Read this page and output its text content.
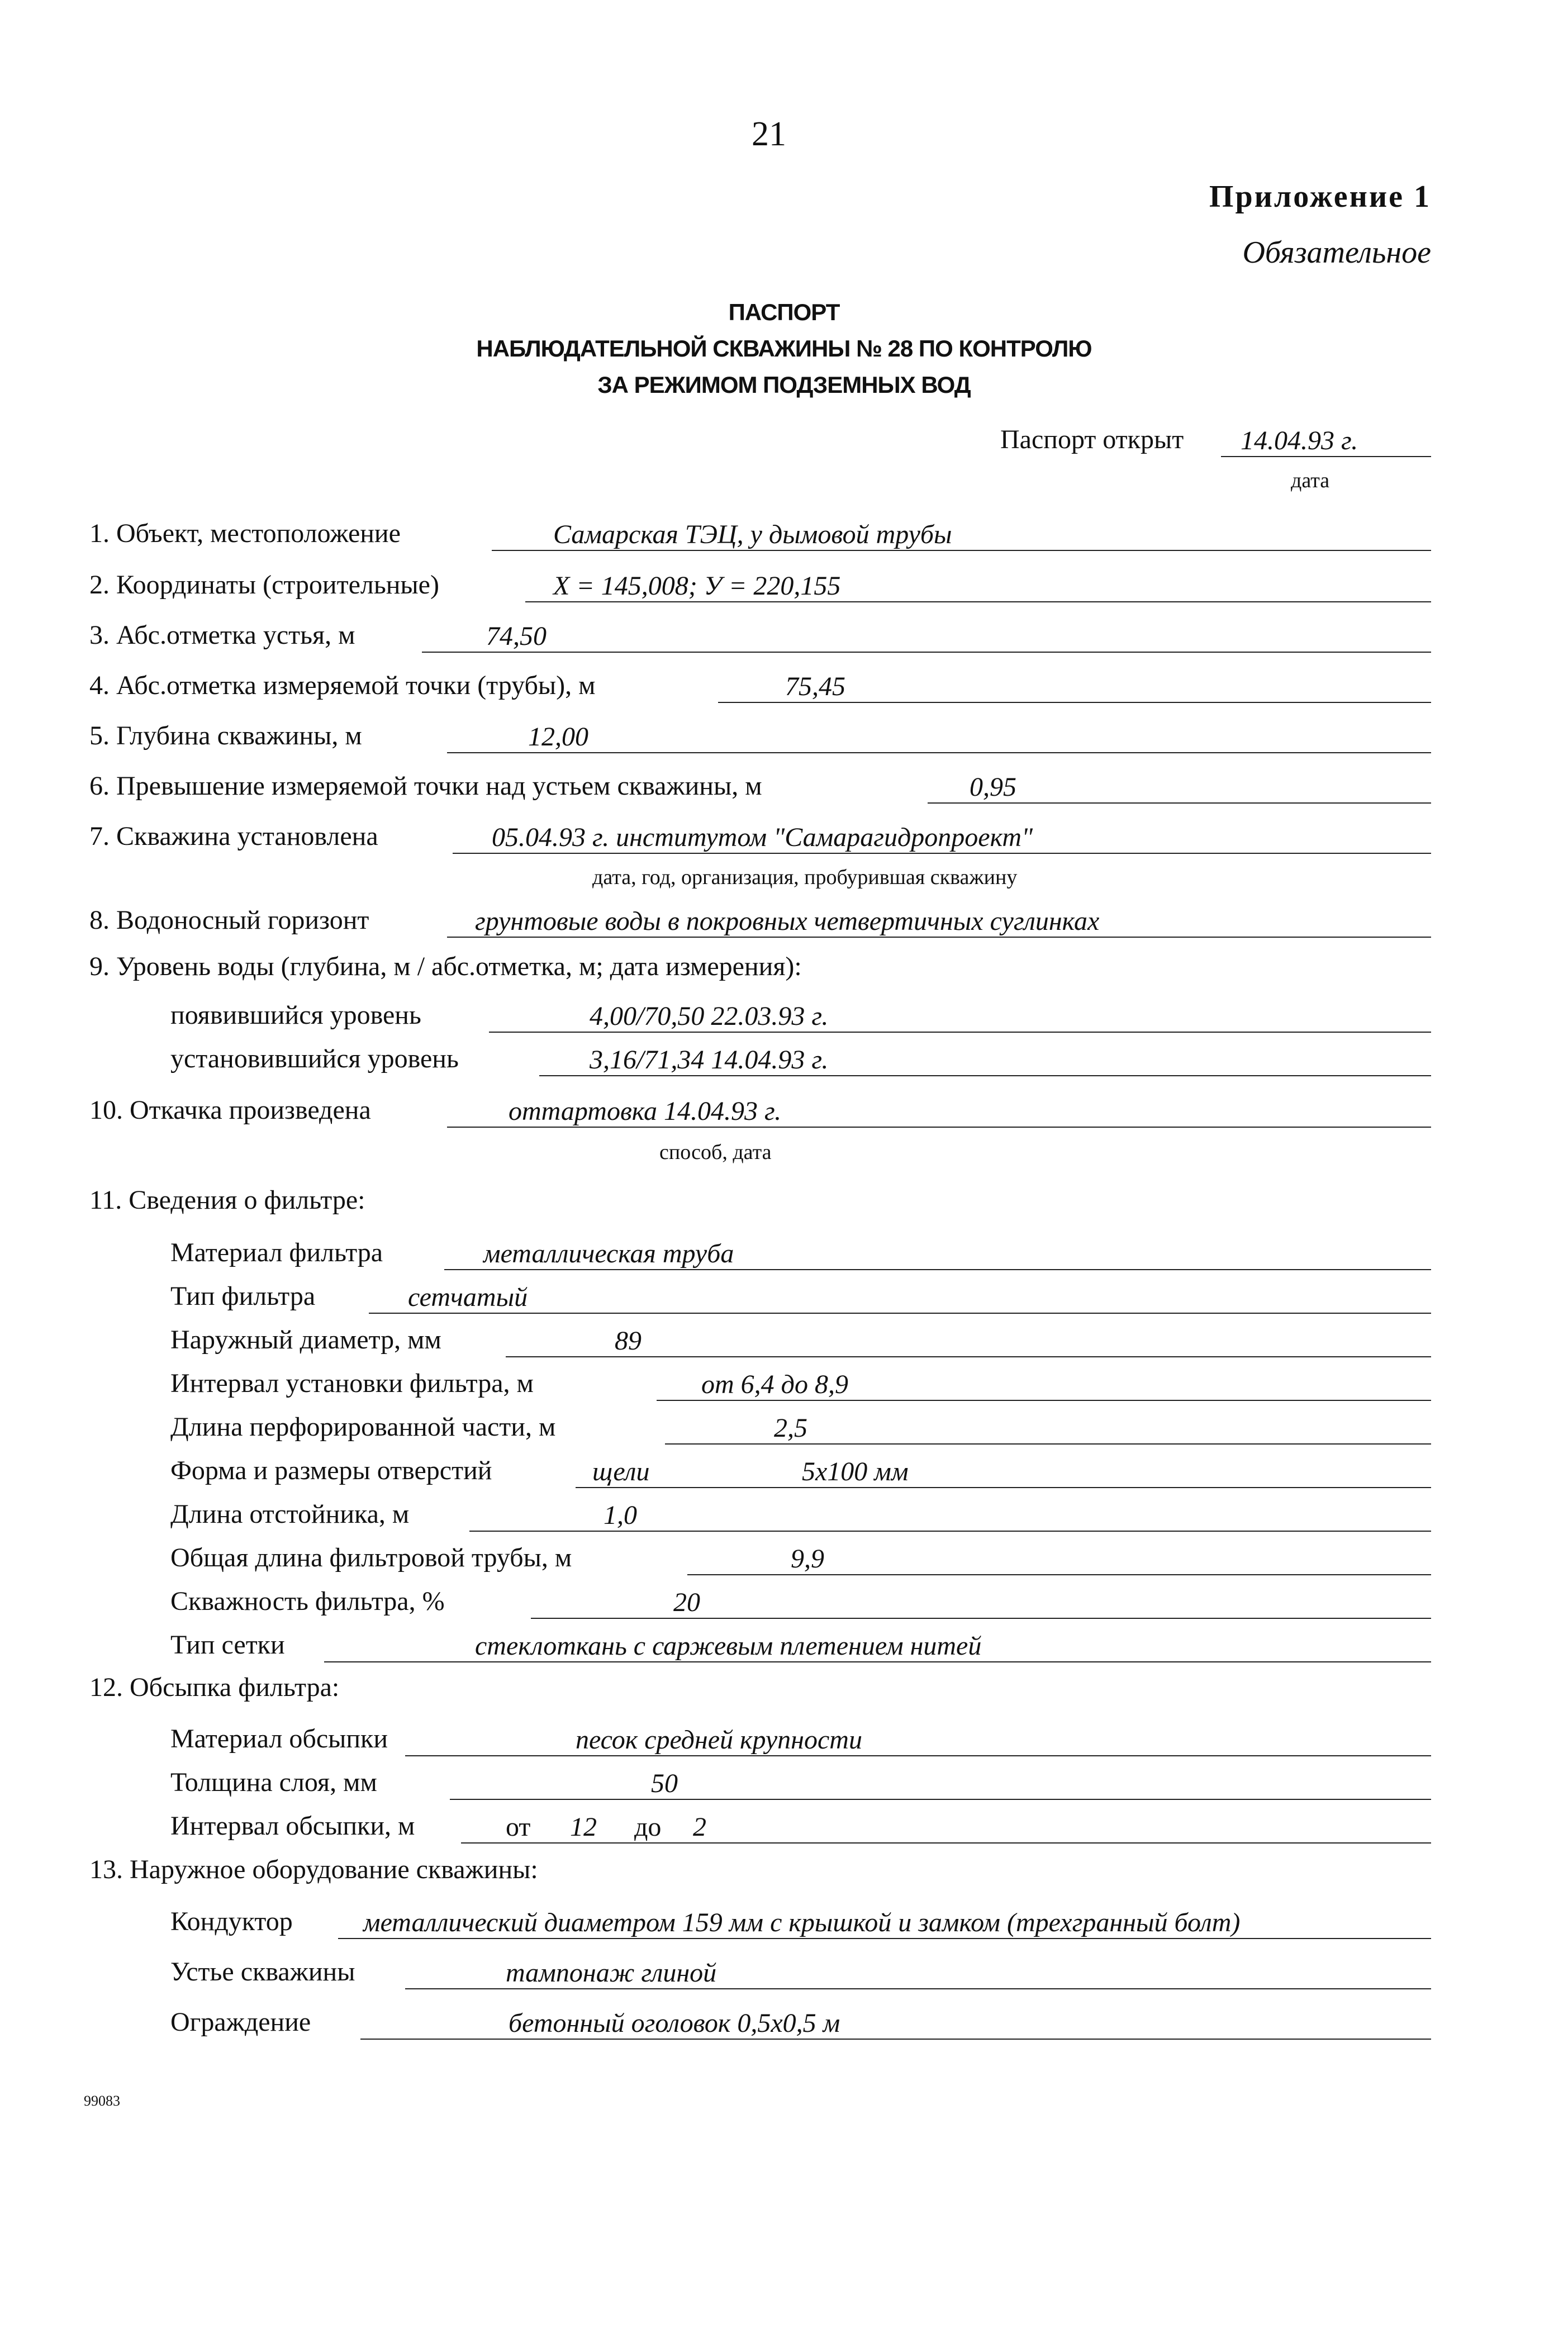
21
Приложение 1
Обязательное
ПАСПОРТ
НАБЛЮДАТЕЛЬНОЙ СКВАЖИНЫ № 28 ПО КОНТРОЛЮ
ЗА РЕЖИМОМ ПОДЗЕМНЫХ ВОД
Паспорт открыт 14.04.93 г.
дата
1. Объект, местоположение	Самарская ТЭЦ, у дымовой трубы
2. Координаты (строительные)	X = 145,008; У = 220,155
3. Абс.отметка устья, м	74,50
4. Абс.отметка измеряемой точки (трубы), м	75,45
5. Глубина скважины, м	12,00
6. Превышение измеряемой точки над устьем скважины, м	0,95
7. Скважина установлена	05.04.93 г. институтом "Самарагидропроект"
дата, год, организация, пробурившая скважину
8. Водоносный горизонт	грунтовые воды в покровных четвертичных суглинках
9. Уровень воды (глубина, м / абс.отметка, м; дата измерения):
появившийся уровень	4,00/70,50 22.03.93 г.
установившийся уровень	3,16/71,34 14.04.93 г.
10. Откачка произведена	оттартовка 14.04.93 г.
способ, дата
11. Сведения о фильтре:
Материал фильтра	металлическая труба
Тип фильтра	сетчатый
Наружный диаметр, мм	89
Интервал установки фильтра, м	от 6,4 до 8,9
Длина перфорированной части, м	2,5
Форма и размеры отверстий	щели	5x100 мм
Длина отстойника, м	1,0
Общая длина фильтровой трубы, м	9,9
Скважность фильтра, %	20
Тип сетки	стеклоткань с саржевым плетением нитей
12. Обсыпка фильтра:
Материал обсыпки	песок средней крупности
Толщина слоя, мм	50
Интервал обсыпки, м	от 12 до 2
13. Наружное оборудование скважины:
Кондуктор	металлический диаметром 159 мм с крышкой и замком (трехгранный болт)
Устье скважины	тампонаж глиной
Ограждение	бетонный оголовок 0,5x0,5 м
99083
